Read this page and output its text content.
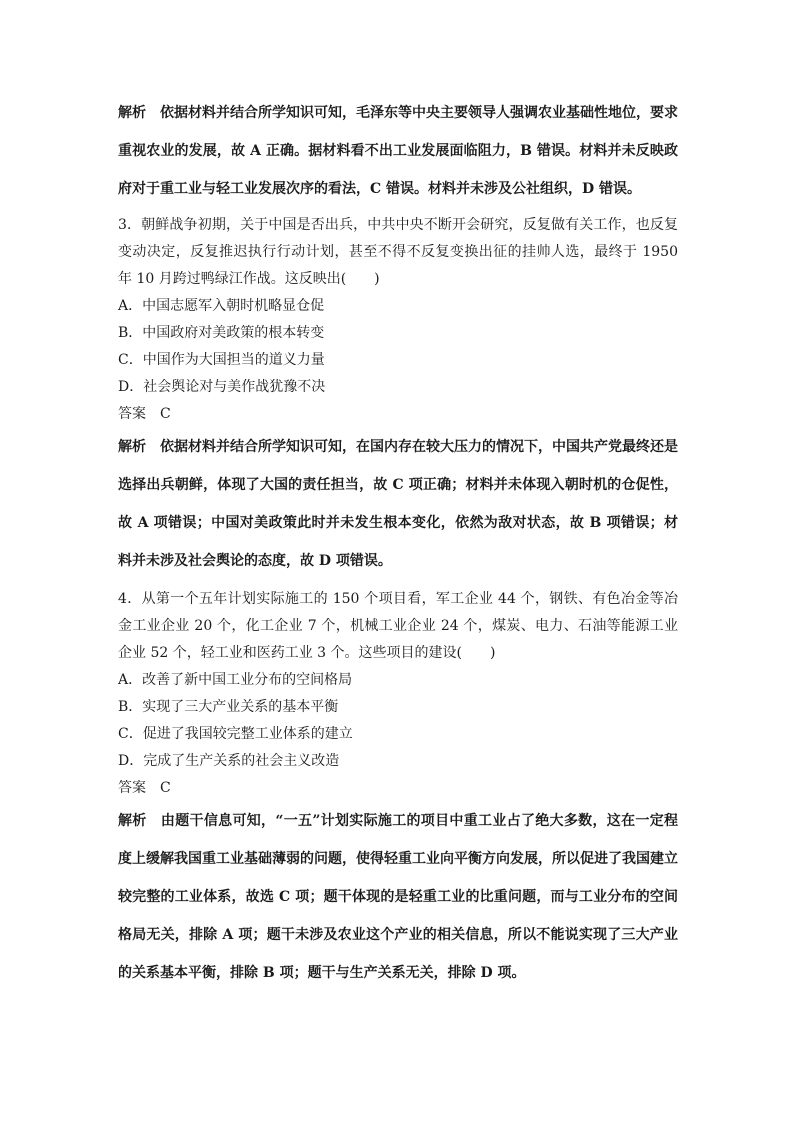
解析　依据材料并结合所学知识可知，毛泽东等中央主要领导人强调农业基础性地位，要求重视农业的发展，故 A 正确。据材料看不出工业发展面临阻力，B 错误。材料并未反映政府对于重工业与轻工业发展次序的看法，C 错误。材料并未涉及公社组织，D 错误。

3．朝鲜战争初期，关于中国是否出兵，中共中央不断开会研究，反复做有关工作，也反复变动决定，反复推迟执行行动计划，甚至不得不反复变换出征的挂帅人选，最终于 1950 年 10 月跨过鸭绿江作战。这反映出(　　)

A．中国志愿军入朝时机略显仓促

B．中国政府对美政策的根本转变

C．中国作为大国担当的道义力量

D．社会舆论对与美作战犹豫不决

答案　C

解析　依据材料并结合所学知识可知，在国内存在较大压力的情况下，中国共产党最终还是选择出兵朝鲜，体现了大国的责任担当，故 C 项正确；材料并未体现入朝时机的仓促性，故 A 项错误；中国对美政策此时并未发生根本变化，依然为敌对状态，故 B 项错误；材料并未涉及社会舆论的态度，故 D 项错误。

4．从第一个五年计划实际施工的 150 个项目看，军工企业 44 个，钢铁、有色冶金等冶金工业企业 20 个，化工企业 7 个，机械工业企业 24 个，煤炭、电力、石油等能源工业企业 52 个，轻工业和医药工业 3 个。这些项目的建设(　　)

A．改善了新中国工业分布的空间格局

B．实现了三大产业关系的基本平衡

C．促进了我国较完整工业体系的建立

D．完成了生产关系的社会主义改造

答案　C

解析　由题干信息可知，“一五”计划实际施工的项目中重工业占了绝大多数，这在一定程度上缓解我国重工业基础薄弱的问题，使得轻重工业向平衡方向发展，所以促进了我国建立较完整的工业体系，故选 C 项；题干体现的是轻重工业的比重问题，而与工业分布的空间格局无关，排除 A 项；题干未涉及农业这个产业的相关信息，所以不能说实现了三大产业的关系基本平衡，排除 B 项；题干与生产关系无关，排除 D 项。
